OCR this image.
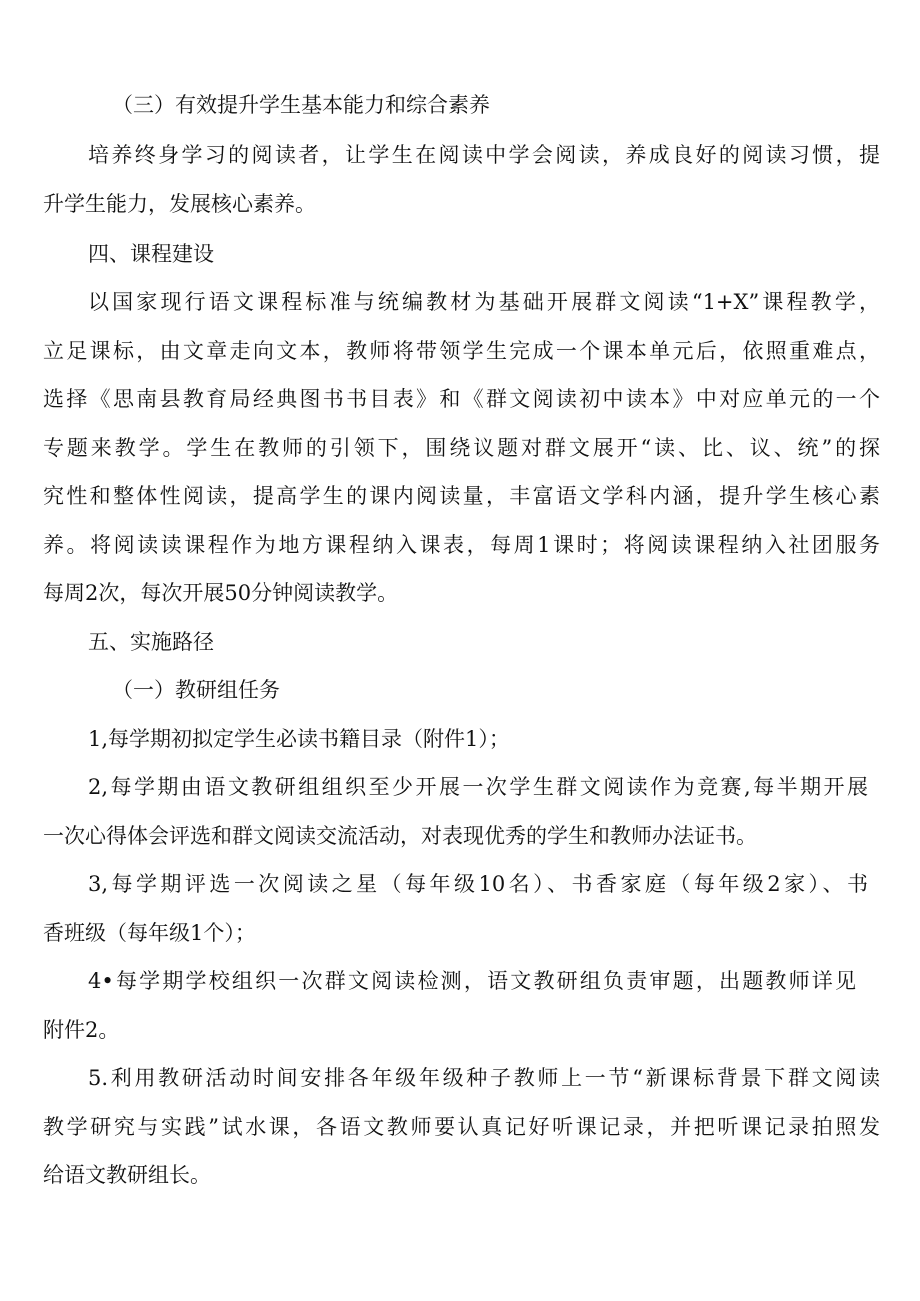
（三）有效提升学生基本能力和综合素养
培养终身学习的阅读者，让学生在阅读中学会阅读，养成良好的阅读习惯，提
升学生能力，发展核心素养。
四、课程建设
以国家现行语文课程标准与统编教材为基础开展群文阅读“1+X”课程教学，
立足课标，由文章走向文本，教师将带领学生完成一个课本单元后，依照重难点，
选择《思南县教育局经典图书书目表》和《群文阅读初中读本》中对应单元的一个
专题来教学。学生在教师的引领下，围绕议题对群文展开“读、比、议、统”的探
究性和整体性阅读，提高学生的课内阅读量，丰富语文学科内涵，提升学生核心素
养。将阅读读课程作为地方课程纳入课表，每周1课时；将阅读课程纳入社团服务
每周2次，每次开展50分钟阅读教学。
五、实施路径
（一）教研组任务
1,每学期初拟定学生必读书籍目录（附件1）；
2,每学期由语文教研组组织至少开展一次学生群文阅读作为竞赛,每半期开展
一次心得体会评选和群文阅读交流活动，对表现优秀的学生和教师办法证书。
3,每学期评选一次阅读之星（每年级10名）、书香家庭（每年级2家）、书
香班级（每年级1个）；
4•每学期学校组织一次群文阅读检测，语文教研组负责审题，出题教师详见
附件2。
5.利用教研活动时间安排各年级年级种子教师上一节“新课标背景下群文阅读
教学研究与实践”试水课，各语文教师要认真记好听课记录，并把听课记录拍照发
给语文教研组长。
